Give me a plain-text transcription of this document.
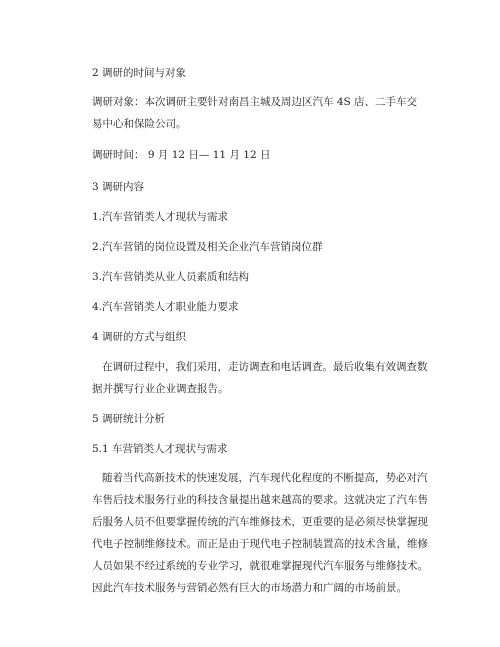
2 调研的时间与对象

调研对象：本次调研主要针对南昌主城及周边区汽车 4S 店、二手车交易中心和保险公司。

调研时间： 9 月 12 日— 11 月 12 日

3 调研内容

1.汽车营销类人才现状与需求

2.汽车营销的岗位设置及相关企业汽车营销岗位群

3.汽车营销类从业人员素质和结构

4.汽车营销类人才职业能力要求

4 调研的方式与组织

在调研过程中，我们采用，走访调查和电话调查。最后收集有效调查数据并撰写行业企业调查报告。

5 调研统计分析

5.1 车营销类人才现状与需求

随着当代高新技术的快速发展，汽车现代化程度的不断提高，势必对汽车售后技术服务行业的科技含量提出越来越高的要求。这就决定了汽车售后服务人员不但要掌握传统的汽车维修技术，更重要的是必须尽快掌握现代电子控制维修技术。而正是由于现代电子控制装置高的技术含量，维修人员如果不经过系统的专业学习，就很难掌握现代汽车服务与维修技术。因此汽车技术服务与营销必然有巨大的市场潜力和广阔的市场前景。
